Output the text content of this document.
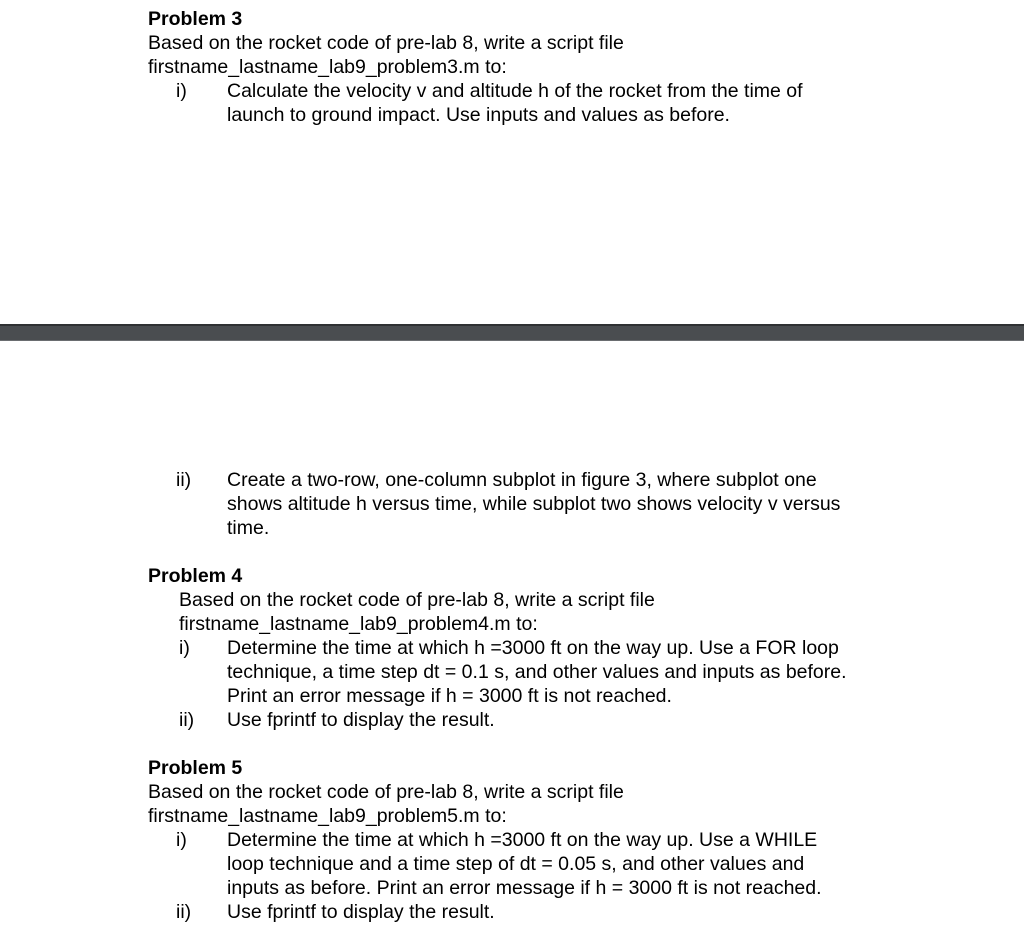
Problem 3
Based on the rocket code of pre-lab 8, write a script file
firstname_lastname_lab9_problem3.m to:
i) Calculate the velocity v and altitude h of the rocket from the time of
launch to ground impact. Use inputs and values as before.
ii) Create a two-row, one-column subplot in figure 3, where subplot one
shows altitude h versus time, while subplot two shows velocity v versus
time.
Problem 4
Based on the rocket code of pre-lab 8, write a script file
firstname_lastname_lab9_problem4.m to:
i) Determine the time at which h =3000 ft on the way up. Use a FOR loop
technique, a time step dt = 0.1 s, and other values and inputs as before.
Print an error message if h = 3000 ft is not reached.
ii) Use fprintf to display the result.
Problem 5
Based on the rocket code of pre-lab 8, write a script file
firstname_lastname_lab9_problem5.m to:
i) Determine the time at which h =3000 ft on the way up. Use a WHILE
loop technique and a time step of dt = 0.05 s, and other values and
inputs as before. Print an error message if h = 3000 ft is not reached.
ii) Use fprintf to display the result.
